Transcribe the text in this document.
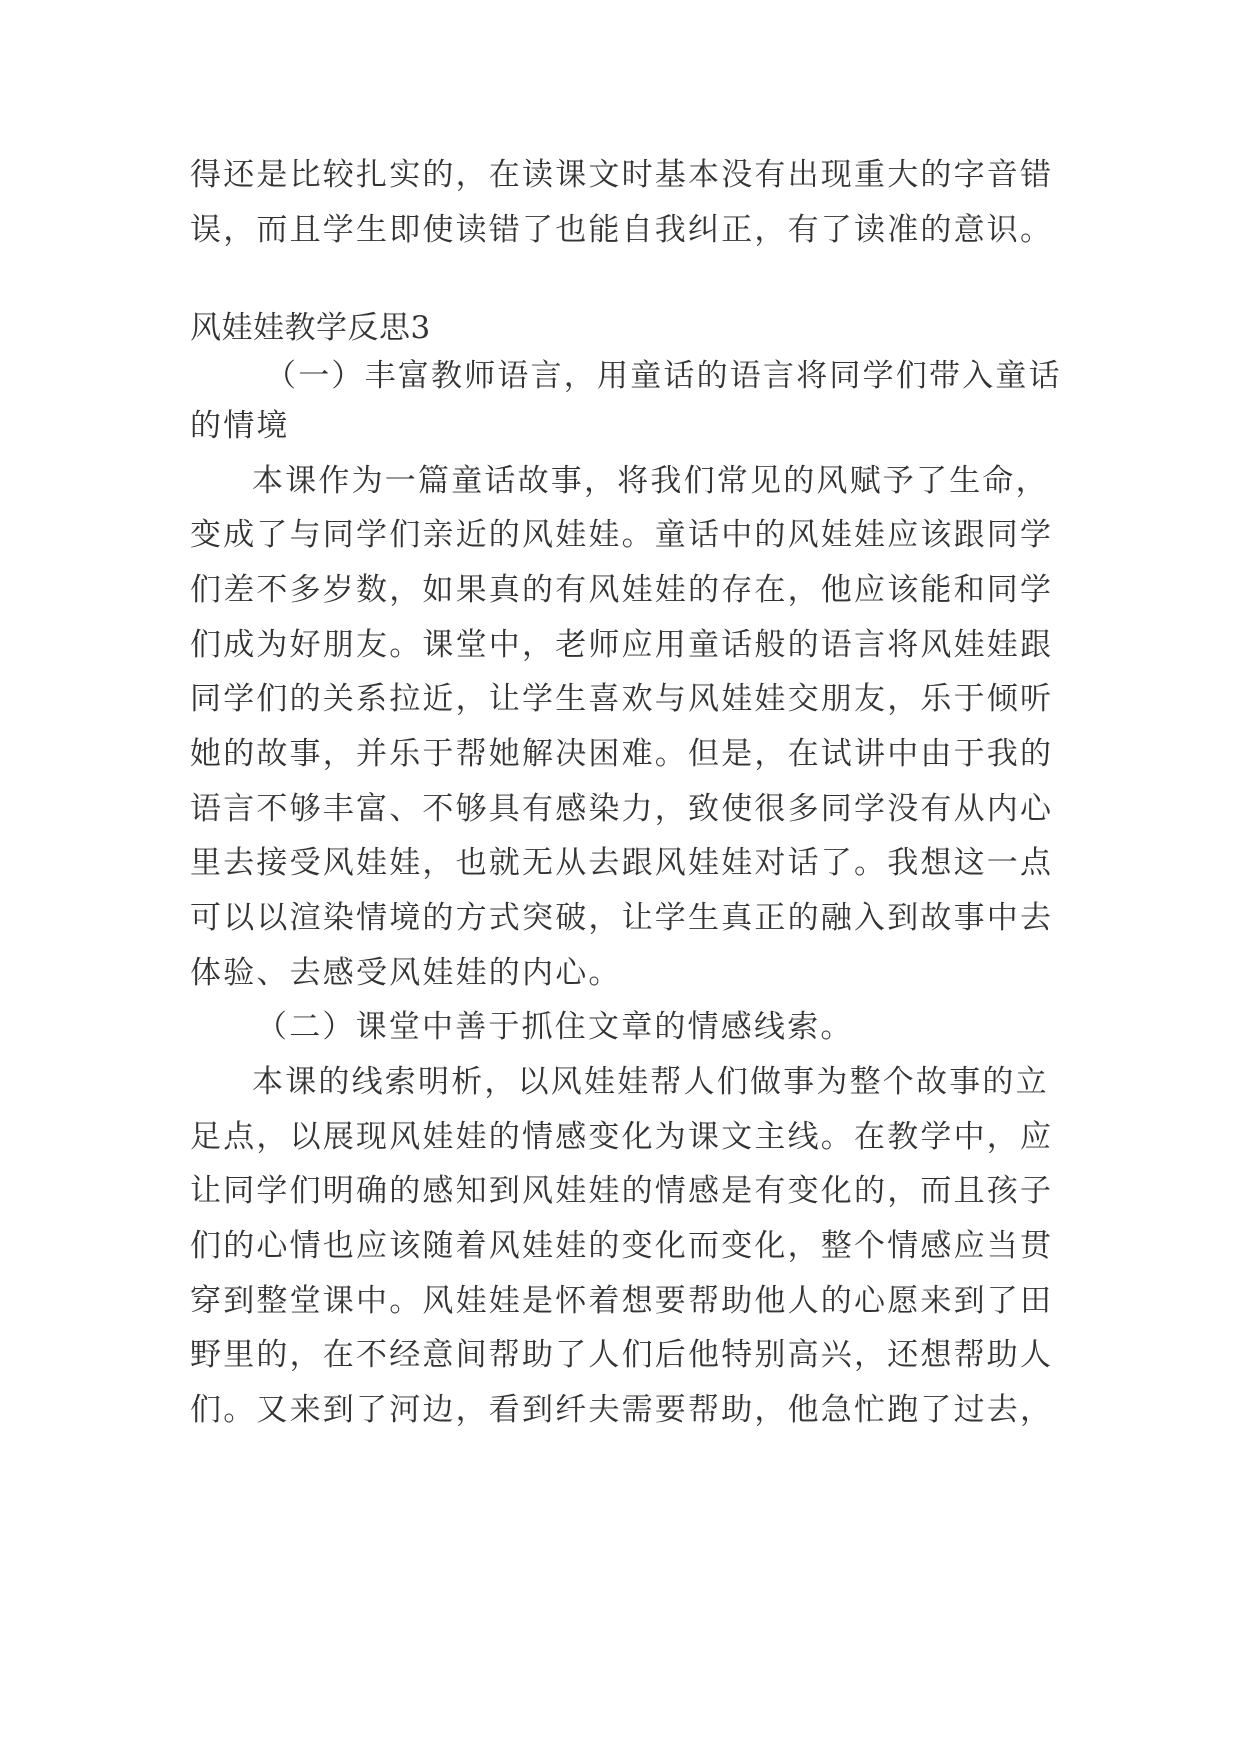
得还是比较扎实的，在读课文时基本没有出现重大的字音错
误，而且学生即使读错了也能自我纠正，有了读准的意识。
风娃娃教学反思3
（一）丰富教师语言，用童话的语言将同学们带入童话
的情境
本课作为一篇童话故事，将我们常见的风赋予了生命，
变成了与同学们亲近的风娃娃。童话中的风娃娃应该跟同学
们差不多岁数，如果真的有风娃娃的存在，他应该能和同学
们成为好朋友。课堂中，老师应用童话般的语言将风娃娃跟
同学们的关系拉近，让学生喜欢与风娃娃交朋友，乐于倾听
她的故事，并乐于帮她解决困难。但是，在试讲中由于我的
语言不够丰富、不够具有感染力，致使很多同学没有从内心
里去接受风娃娃，也就无从去跟风娃娃对话了。我想这一点
可以以渲染情境的方式突破，让学生真正的融入到故事中去
体验、去感受风娃娃的内心。
（二）课堂中善于抓住文章的情感线索。
本课的线索明析，以风娃娃帮人们做事为整个故事的立
足点，以展现风娃娃的情感变化为课文主线。在教学中，应
让同学们明确的感知到风娃娃的情感是有变化的，而且孩子
们的心情也应该随着风娃娃的变化而变化，整个情感应当贯
穿到整堂课中。风娃娃是怀着想要帮助他人的心愿来到了田
野里的，在不经意间帮助了人们后他特别高兴，还想帮助人
们。又来到了河边，看到纤夫需要帮助，他急忙跑了过去，
